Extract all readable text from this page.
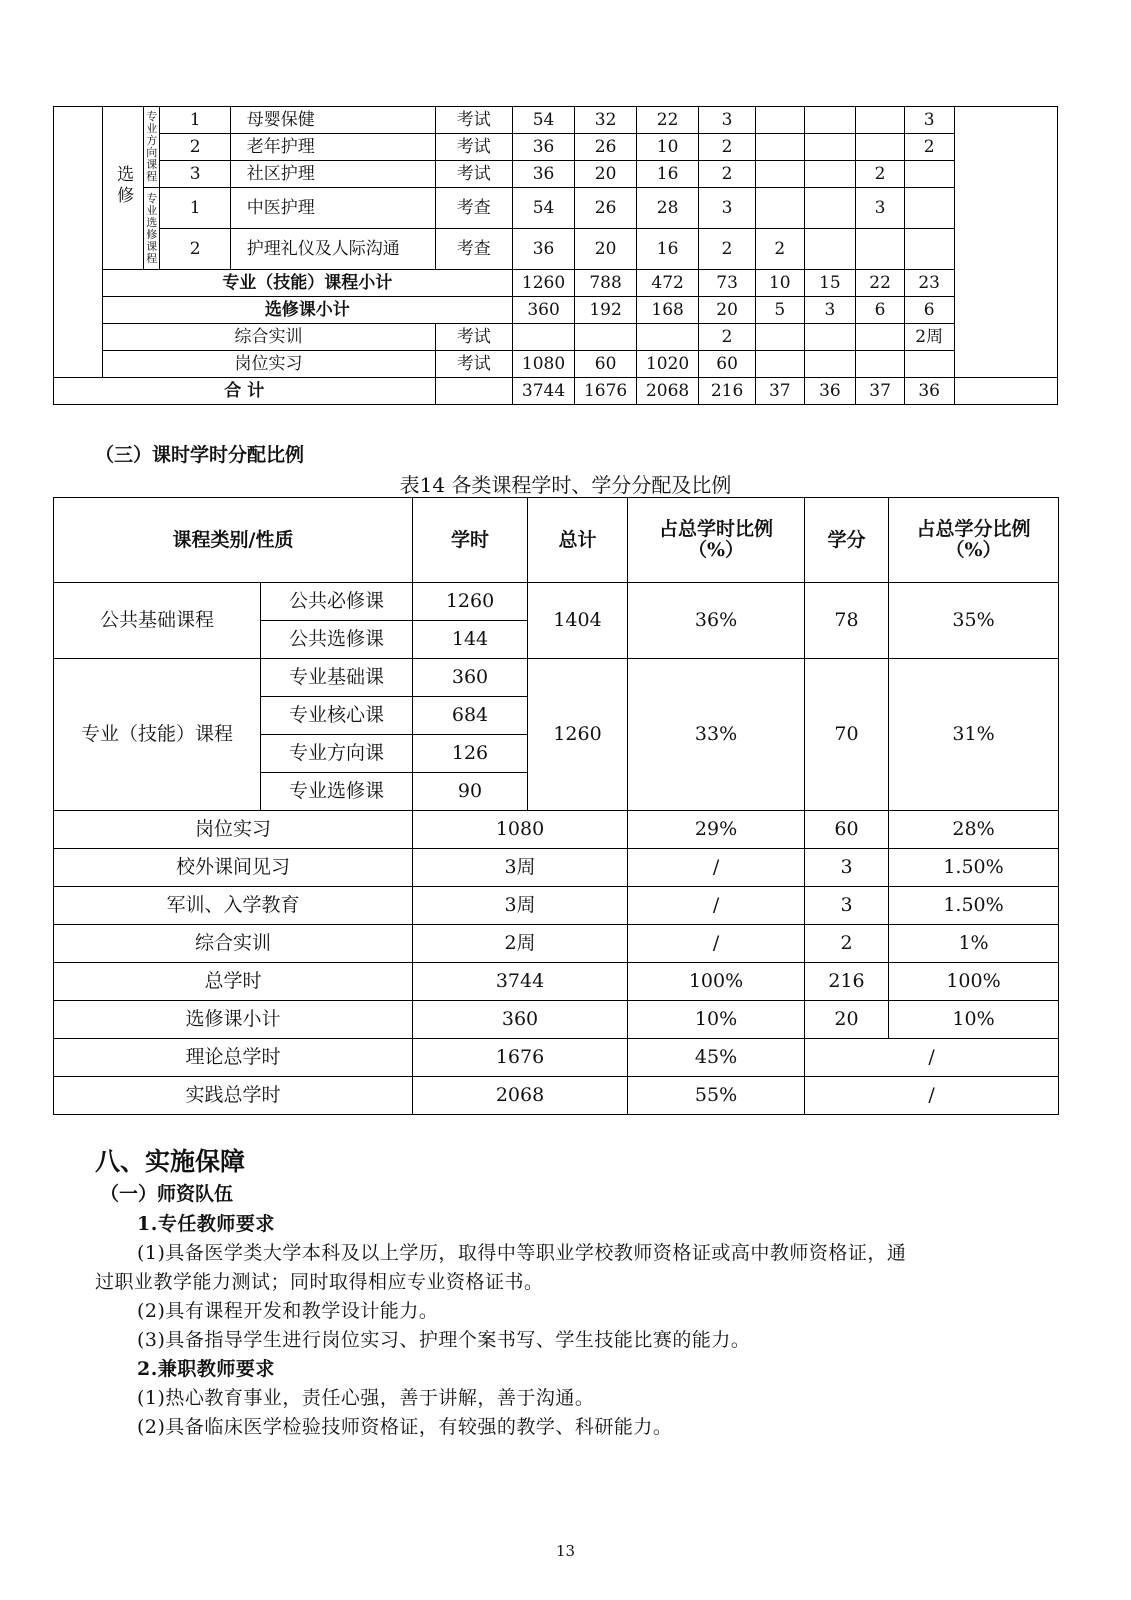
	选修	专业方向课程	1	母婴保健	考试	54	32	22	3				3	
			2	老年护理	考试	36	26	10	2				2	
			3	社区护理	考试	36	20	16	2			2		

		专业选修课程	1	中医护理	考查	54	26	28	3			3		
			2	护理礼仪及人际沟通	考查	36	20	16	2	2				
	专业（技能）课程小计					1260	788	472	73	10	15	22	23	
	选修课小计					360	192	168	20	5	3	6	6	
	综合实训				考试				2				2周	
	岗位实习				考试	1080	60	1020	60					
合 计						3744	1676	2068	216	37	36	37	36	
（三）课时学时分配比例
表14 各类课程学时、学分分配及比例
课程类别/性质		学时	总计	占总学时比例（%）	学分	占总学分比例（%）
公共基础课程	公共必修课	1260	1404	36%	78	35%
	公共选修课	144				
专业（技能）课程	专业基础课	360	1260	33%	70	31%
	专业核心课	684				
	专业方向课	126				
	专业选修课	90				
岗位实习		1080		29%	60	28%
校外课间见习		3周		/	3	1.50%
军训、入学教育		3周		/	3	1.50%
综合实训		2周		/	2	1%
总学时		3744		100%	216	100%
选修课小计		360		10%	20	10%
理论总学时		1676		45%	/	
实践总学时		2068		55%	/	
八、实施保障
（一）师资队伍
1.专任教师要求
(1)具备医学类大学本科及以上学历，取得中等职业学校教师资格证或高中教师资格证，通
过职业教学能力测试；同时取得相应专业资格证书。
(2)具有课程开发和教学设计能力。
(3)具备指导学生进行岗位实习、护理个案书写、学生技能比赛的能力。
2.兼职教师要求
(1)热心教育事业，责任心强，善于讲解，善于沟通。
(2)具备临床医学检验技师资格证，有较强的教学、科研能力。
13
